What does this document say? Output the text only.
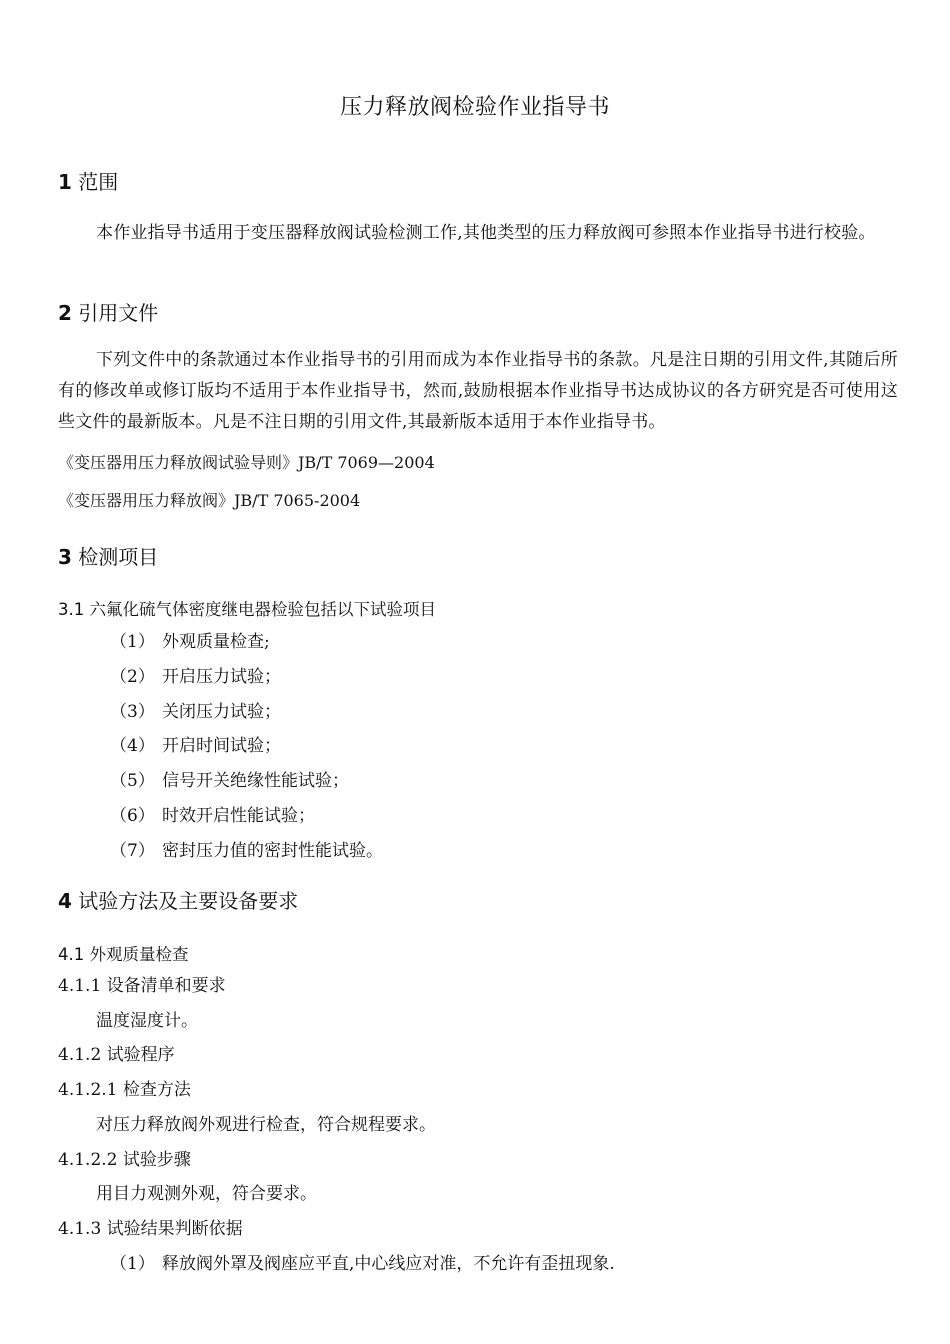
压力释放阀检验作业指导书
1 范围
本作业指导书适用于变压器释放阀试验检测工作,其他类型的压力释放阀可参照本作业指导书进行校验。
2 引用文件
下列文件中的条款通过本作业指导书的引用而成为本作业指导书的条款。凡是注日期的引用文件,其随后所有的修改单或修订版均不适用于本作业指导书，然而,鼓励根据本作业指导书达成协议的各方研究是否可使用这些文件的最新版本。凡是不注日期的引用文件,其最新版本适用于本作业指导书。
《变压器用压力释放阀试验导则》JB/T 7069—2004
《变压器用压力释放阀》JB/T 7065-2004
3 检测项目
3.1 六氟化硫气体密度继电器检验包括以下试验项目
（1） 外观质量检查;
（2） 开启压力试验；
（3） 关闭压力试验；
（4） 开启时间试验；
（5） 信号开关绝缘性能试验；
（6） 时效开启性能试验；
（7） 密封压力值的密封性能试验。
4 试验方法及主要设备要求
4.1 外观质量检查
4.1.1 设备清单和要求
温度湿度计。
4.1.2 试验程序
4.1.2.1 检查方法
对压力释放阀外观进行检查，符合规程要求。
4.1.2.2 试验步骤
用目力观测外观，符合要求。
4.1.3 试验结果判断依据
（1） 释放阀外罩及阀座应平直,中心线应对准，不允许有歪扭现象.
